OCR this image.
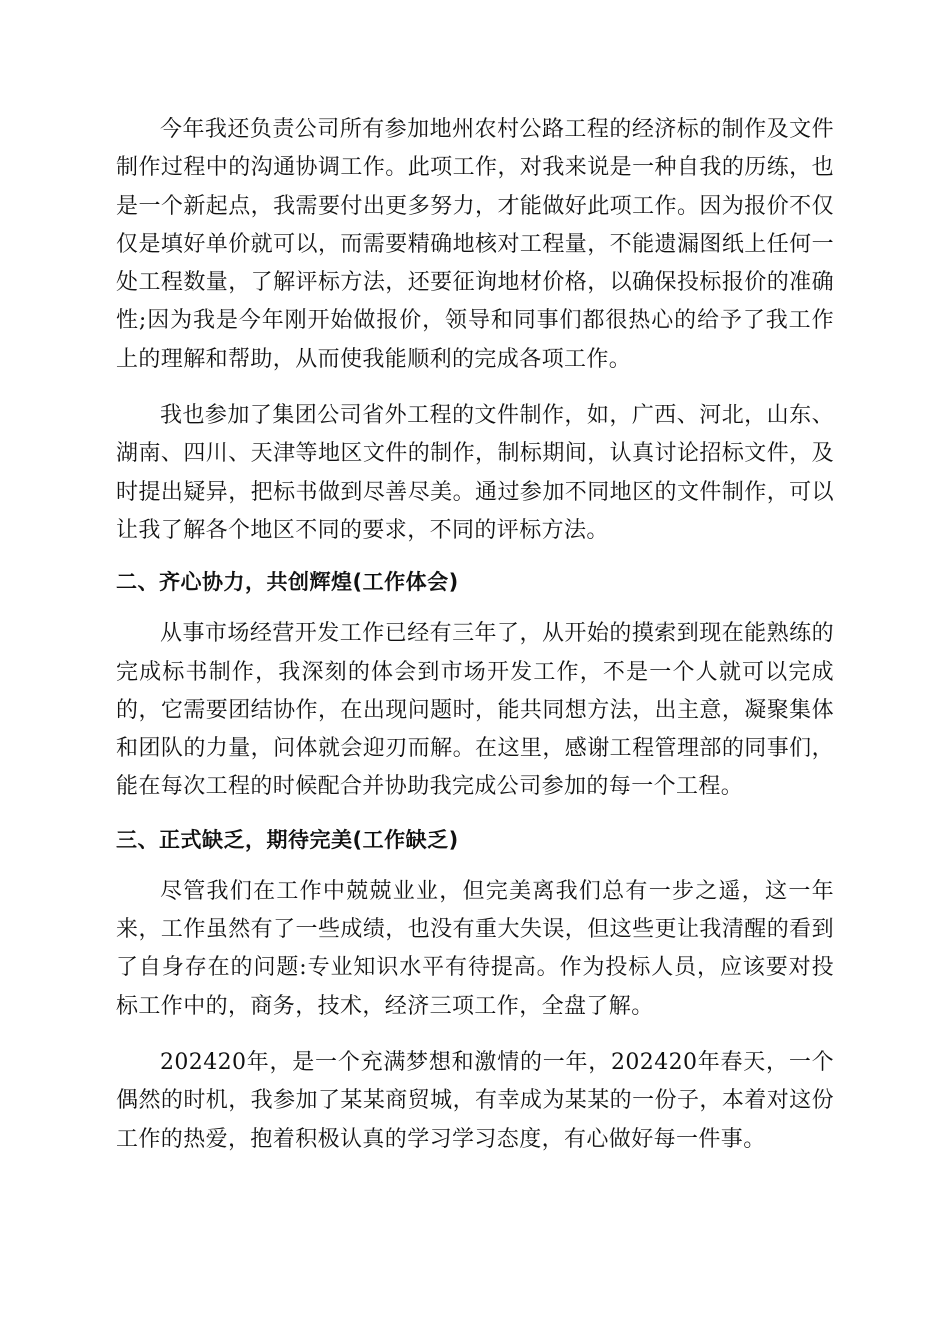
今年我还负责公司所有参加地州农村公路工程的经济标的制作及文件制作过程中的沟通协调工作。此项工作，对我来说是一种自我的历练，也是一个新起点，我需要付出更多努力，才能做好此项工作。因为报价不仅仅是填好单价就可以，而需要精确地核对工程量，不能遗漏图纸上任何一处工程数量，了解评标方法，还要征询地材价格，以确保投标报价的准确性;因为我是今年刚开始做报价，领导和同事们都很热心的给予了我工作上的理解和帮助，从而使我能顺利的完成各项工作。

我也参加了集团公司省外工程的文件制作，如，广西、河北，山东、湖南、四川、天津等地区文件的制作，制标期间，认真讨论招标文件，及时提出疑异，把标书做到尽善尽美。通过参加不同地区的文件制作，可以让我了解各个地区不同的要求，不同的评标方法。

二、齐心协力，共创辉煌(工作体会)

从事市场经营开发工作已经有三年了，从开始的摸索到现在能熟练的完成标书制作，我深刻的体会到市场开发工作，不是一个人就可以完成的，它需要团结协作，在出现问题时，能共同想方法，出主意，凝聚集体和团队的力量，问体就会迎刃而解。在这里，感谢工程管理部的同事们，能在每次工程的时候配合并协助我完成公司参加的每一个工程。

三、正式缺乏，期待完美(工作缺乏)

尽管我们在工作中兢兢业业，但完美离我们总有一步之遥，这一年来，工作虽然有了一些成绩，也没有重大失误，但这些更让我清醒的看到了自身存在的问题:专业知识水平有待提高。作为投标人员，应该要对投标工作中的，商务，技术，经济三项工作，全盘了解。

202420年，是一个充满梦想和激情的一年，202420年春天，一个偶然的时机，我参加了某某商贸城，有幸成为某某的一份子，本着对这份工作的热爱，抱着积极认真的学习学习态度，有心做好每一件事。
